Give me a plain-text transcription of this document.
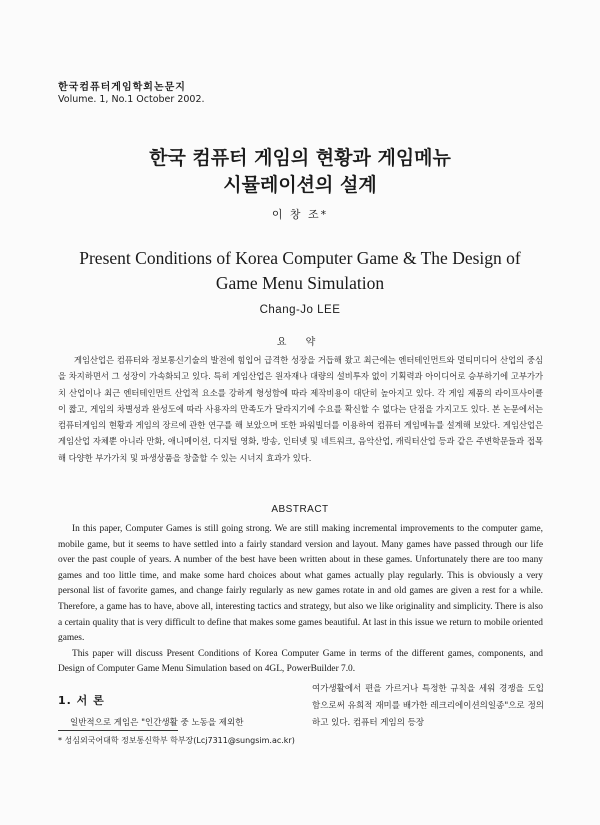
한국컴퓨터게임학회논문지
Volume. 1, No.1 October 2002.
한국 컴퓨터 게임의 현황과 게임메뉴
시뮬레이션의 설계
이 창 조*
Present Conditions of Korea Computer Game & The Design of Game Menu Simulation
Chang-Jo LEE
요 약

게임산업은 컴퓨터와 정보통신기술의 발전에 힘입어 급격한 성장을 거듭해 왔고 최근에는 엔터테인먼트와 멀티미디어 산업의 중심을 차지하면서 그 성장이 가속화되고 있다. 특히 게임산업은 원자재나 대량의 설비투자 없이 기획력과 아이디어로 승부하기에 고부가가치 산업이나 최근 엔터테인먼트 산업적 요소를 강하게 형성함에 따라 제작비용이 대단히 높아지고 있다. 각 게임 제품의 라이프사이클이 짧고, 게임의 차별성과 완성도에 따라 사용자의 만족도가 달라지기에 수요를 확신할 수 없다는 단점을 가지고도 있다. 본 논문에서는 컴퓨터게임의 현황과 게임의 장르에 관한 연구를 해 보았으며 또한 파워빌더를 이용하여 컴퓨터 게임메뉴를 설계해 보았다. 게임산업은 게임산업 자체뿐 아니라 만화, 애니메이션, 디지털 영화, 방송, 인터넷 및 네트워크, 음악산업, 캐릭터산업 등과 같은 주변학문들과 접목해 다양한 부가가치 및 파생상품을 창출할 수 있는 시너지 효과가 있다.

ABSTRACT

In this paper, Computer Games is still going strong. We are still making incremental improvements to the computer game, mobile game, but it seems to have settled into a fairly standard version and layout. Many games have passed through our life over the past couple of years. A number of the best have been written about in these games. Unfortunately there are too many games and too little time, and make some hard choices about what games actually play regularly. This is obviously a very personal list of favorite games, and change fairly regularly as new games rotate in and old games are given a rest for a while. Therefore, a game has to have, above all, interesting tactics and strategy, but also we like originality and simplicity. There is also a certain quality that is very difficult to define that makes some games beautiful. At last in this issue we return to mobile oriented games.

This paper will discuss Present Conditions of Korea Computer Game in terms of the different games, components, and Design of Computer Game Menu Simulation based on 4GL, PowerBuilder 7.0.

1. 서 론

일반적으로 게임은 "인간생활 중 노동을 제외한

여가생활에서 편을 가르거나 특정한 규칙을 세워 경쟁을 도입함으로써 유희적 재미를 배가한 레크리에이션의일종"으로 정의하고 있다. 컴퓨터 게임의 등장

* 성심외국어대학 정보통신학부 학부장(Lcj7311@sungsim.ac.kr)
